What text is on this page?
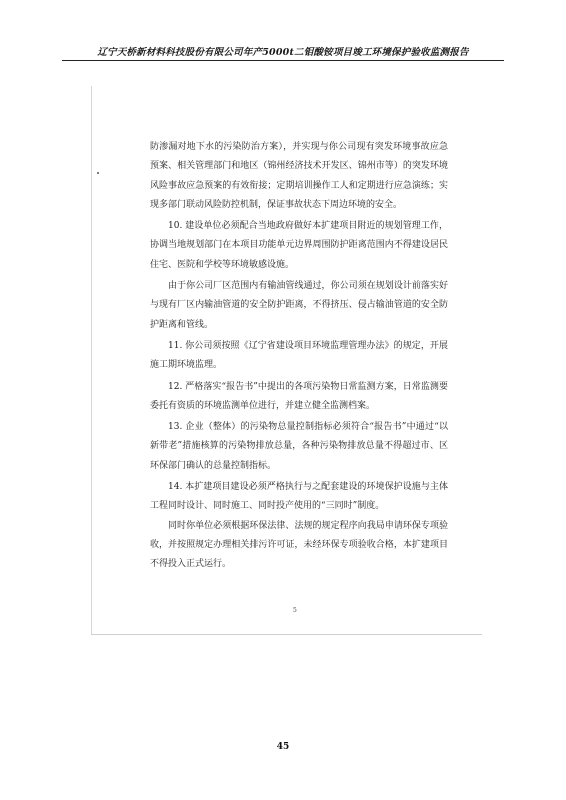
辽宁天桥新材料科技股份有限公司年产5000t二钼酸铵项目竣工环境保护验收监测报告

防渗漏对地下水的污染防治方案），并实现与你公司现有突发环境事故应急预案、相关管理部门和地区（锦州经济技术开发区、锦州市等）的突发环境风险事故应急预案的有效衔接；定期培训操作工人和定期进行应急演练；实现多部门联动风险防控机制，保证事故状态下周边环境的安全。

10. 建设单位必须配合当地政府做好本扩建项目附近的规划管理工作，协调当地规划部门在本项目功能单元边界周围防护距离范围内不得建设居民住宅、医院和学校等环境敏感设施。

由于你公司厂区范围内有输油管线通过，你公司须在规划设计前落实好与现有厂区内输油管道的安全防护距离，不得挤压、侵占输油管道的安全防护距离和管线。

11. 你公司须按照《辽宁省建设项目环境监理管理办法》的规定，开展施工期环境监理。

12. 严格落实“报告书”中提出的各项污染物日常监测方案，日常监测要委托有资质的环境监测单位进行，并建立健全监测档案。

13. 企业（整体）的污染物总量控制指标必须符合“报告书”中通过“以新带老”措施核算的污染物排放总量，各种污染物排放总量不得超过市、区环保部门确认的总量控制指标。

14. 本扩建项目建设必须严格执行与之配套建设的环境保护设施与主体工程同时设计、同时施工、同时投产使用的“三同时”制度。

同时你单位必须根据环保法律、法规的规定程序向我局申请环保专项验收，并按照规定办理相关排污许可证，未经环保专项验收合格，本扩建项目不得投入正式运行。

5
45
